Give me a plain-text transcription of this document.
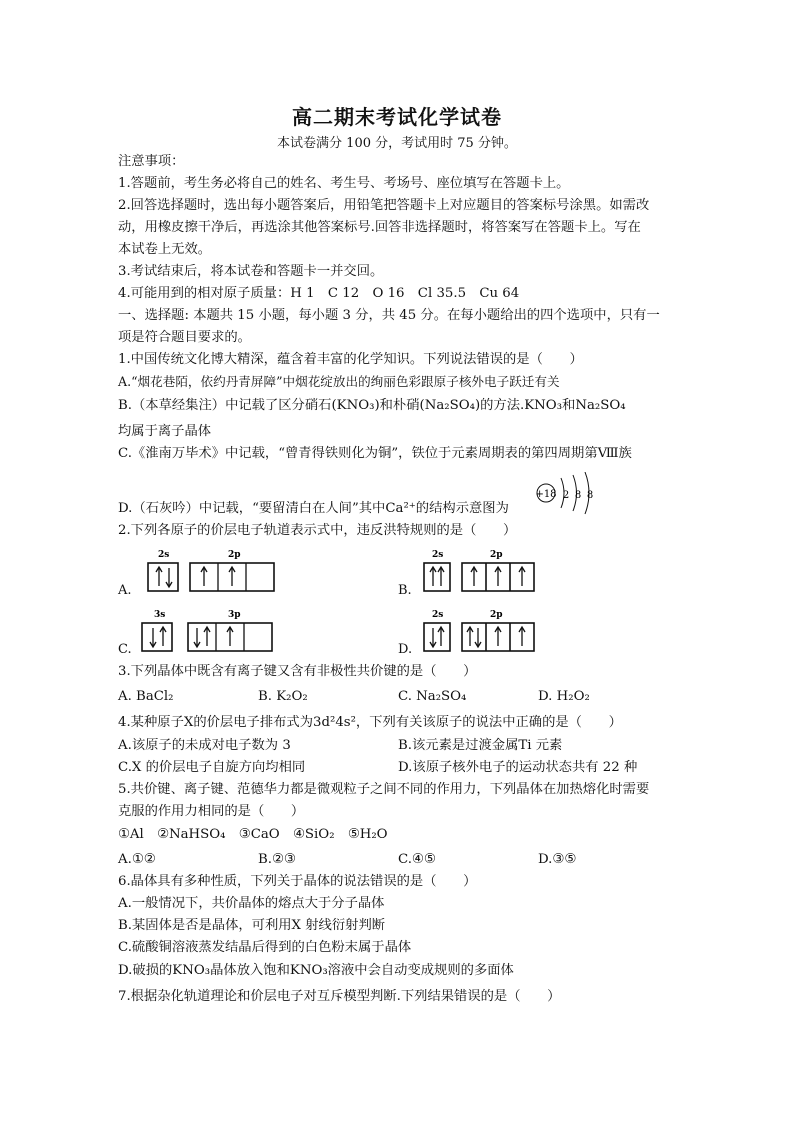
高二期末考试化学试卷
本试卷满分 100 分，考试用时 75 分钟。
注意事项：
1.答题前，考生务必将自己的姓名、考生号、考场号、座位填写在答题卡上。
2.回答选择题时，选出每小题答案后，用铅笔把答题卡上对应题目的答案标号涂黑。如需改
动，用橡皮擦干净后，再选涂其他答案标号.回答非选择题时，将答案写在答题卡上。写在
本试卷上无效。
3.考试结束后，将本试卷和答题卡一并交回。
4.可能用到的相对原子质量：H 1　C 12　O 16　Cl 35.5　Cu 64
一、选择题: 本题共 15 小题，每小题 3 分，共 45 分。在每小题给出的四个选项中，只有一
项是符合题目要求的。
1.中国传统文化博大精深，蕴含着丰富的化学知识。下列说法错误的是（　　）
A.“烟花巷陌，依约丹青屏障”中烟花绽放出的绚丽色彩跟原子核外电子跃迁有关
B.（本草经集注）中记载了区分硝石(KNO₃)和朴硝(Na₂SO₄)的方法.KNO₃和Na₂SO₄
均属于离子晶体
C.《淮南万毕术》中记载，“曾青得铁则化为铜”，铁位于元素周期表的第四周期第Ⅷ族
D.（石灰吟）中记载，“要留清白在人间”其中Ca²⁺的结构示意图为
+18 2 8 8
2.下列各原子的价层电子轨道表示式中，违反洪特规则的是（　　）
A.
2s	2p
B.
2s	2p
C.
3s	3p
D.
2s	2p
3.下列晶体中既含有离子键又含有非极性共价键的是（　　）
A. BaCl₂	B. K₂O₂	C. Na₂SO₄	D. H₂O₂
4.某种原子X的价层电子排布式为3d²4s²，下列有关该原子的说法中正确的是（　　）
A.该原子的未成对电子数为 3	B.该元素是过渡金属Ti 元素
C.X 的价层电子自旋方向均相同	D.该原子核外电子的运动状态共有 22 种
5.共价键、离子键、范德华力都是微观粒子之间不同的作用力，下列晶体在加热熔化时需要
克服的作用力相同的是（　　）
①Al　②NaHSO₄　③CaO　④SiO₂　⑤H₂O
A.①②	B.②③	C.④⑤	D.③⑤
6.晶体具有多种性质，下列关于晶体的说法错误的是（　　）
A.一般情况下，共价晶体的熔点大于分子晶体
B.某固体是否是晶体，可利用X 射线衍射判断
C.硫酸铜溶液蒸发结晶后得到的白色粉末属于晶体
D.破损的KNO₃晶体放入饱和KNO₃溶液中会自动变成规则的多面体
7.根据杂化轨道理论和价层电子对互斥模型判断.下列结果错误的是（　　）
